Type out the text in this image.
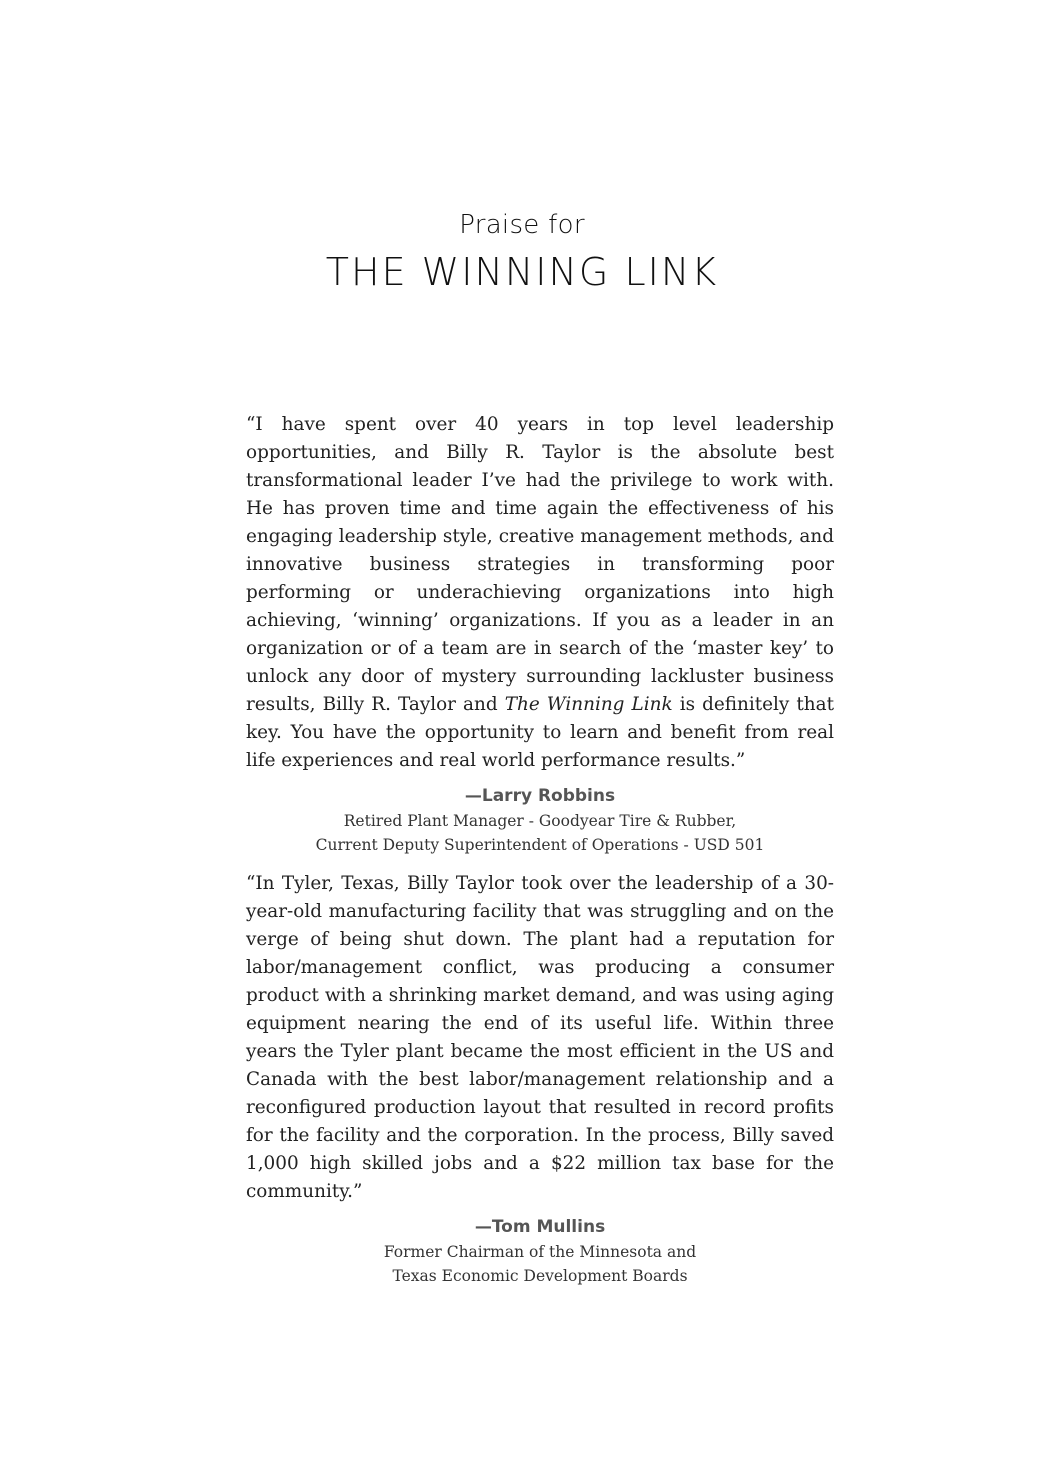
Praise for
THE WINNING LINK

“I have spent over 40 years in top level leadership opportunities, and Billy R. Taylor is the absolute best transformational leader I’ve had the privilege to work with. He has proven time and time again the effectiveness of his engaging leadership style, creative management methods, and innovative business strategies in transforming poor performing or underachieving organizations into high achieving, ‘winning’ organizations. If you as a leader in an organization or of a team are in search of the ‘master key’ to unlock any door of mystery surrounding lackluster business results, Billy R. Taylor and The Winning Link is definitely that key. You have the opportunity to learn and benefit from real life experiences and real world performance results.”

—Larry Robbins
Retired Plant Manager - Goodyear Tire & Rubber,
Current Deputy Superintendent of Operations - USD 501

“In Tyler, Texas, Billy Taylor took over the leadership of a 30-year-old manufacturing facility that was struggling and on the verge of being shut down. The plant had a reputation for labor/management conflict, was producing a consumer product with a shrinking market demand, and was using aging equipment nearing the end of its useful life. Within three years the Tyler plant became the most efficient in the US and Canada with the best labor/management relationship and a reconfigured production layout that resulted in record profits for the facility and the corporation. In the process, Billy saved 1,000 high skilled jobs and a $22 million tax base for the community.”

—Tom Mullins
Former Chairman of the Minnesota and
Texas Economic Development Boards
